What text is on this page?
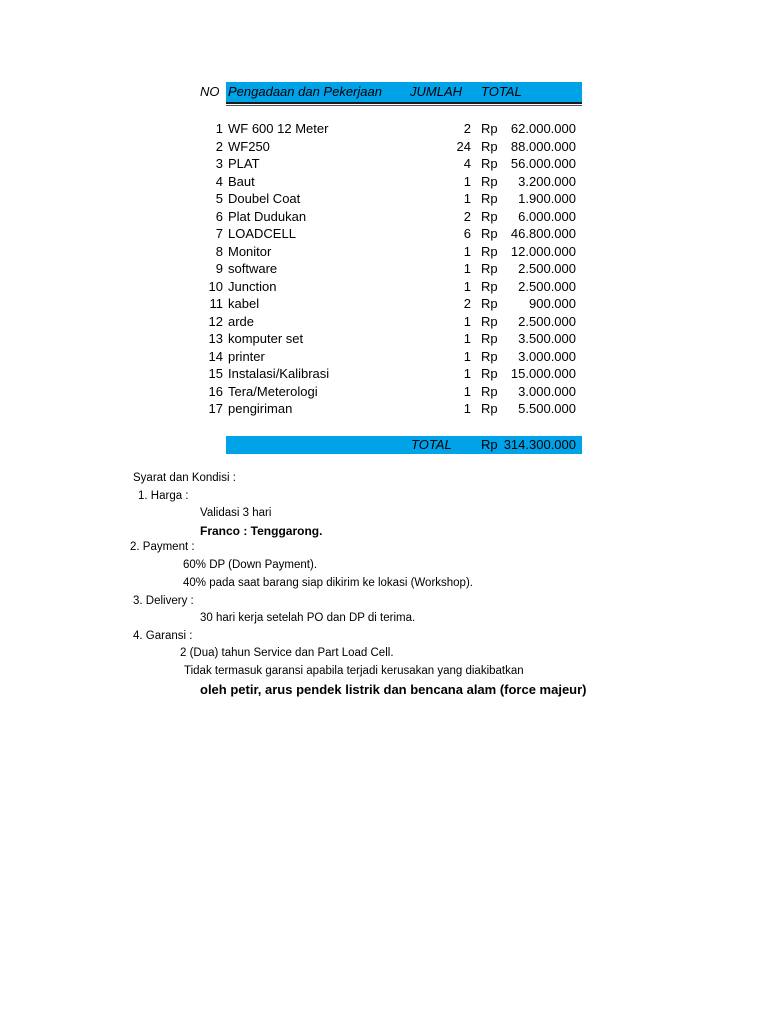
NO Pengadaan dan Pekerjaan JUMLAH TOTAL
1 WF 600 12 Meter	2 Rp 62.000.000
2 WF250	24 Rp 88.000.000
3 PLAT	4 Rp 56.000.000
4 Baut	1 Rp 3.200.000
5 Doubel Coat	1 Rp 1.900.000
6 Plat Dudukan	2 Rp 6.000.000
7 LOADCELL	6 Rp 46.800.000
8 Monitor	1 Rp 12.000.000
9 software	1 Rp 2.500.000
10 Junction	1 Rp 2.500.000
11 kabel	2 Rp 900.000
12 arde	1 Rp 2.500.000
13 komputer set	1 Rp 3.500.000
14 printer	1 Rp 3.000.000
15 Instalasi/Kalibrasi	1 Rp 15.000.000
16 Tera/Meterologi	1 Rp 3.000.000
17 pengiriman	1 Rp 5.500.000
TOTAL Rp 314.300.000
Syarat dan Kondisi :
1. Harga :
Validasi 3 hari
Franco : Tenggarong.
2. Payment :
60% DP (Down Payment).
40% pada saat barang siap dikirim ke lokasi (Workshop).
3. Delivery :
30 hari kerja setelah PO dan DP di terima.
4. Garansi :
2 (Dua) tahun Service dan Part Load Cell.
Tidak termasuk garansi apabila terjadi kerusakan yang diakibatkan
oleh petir, arus pendek listrik dan bencana alam (force majeur)
